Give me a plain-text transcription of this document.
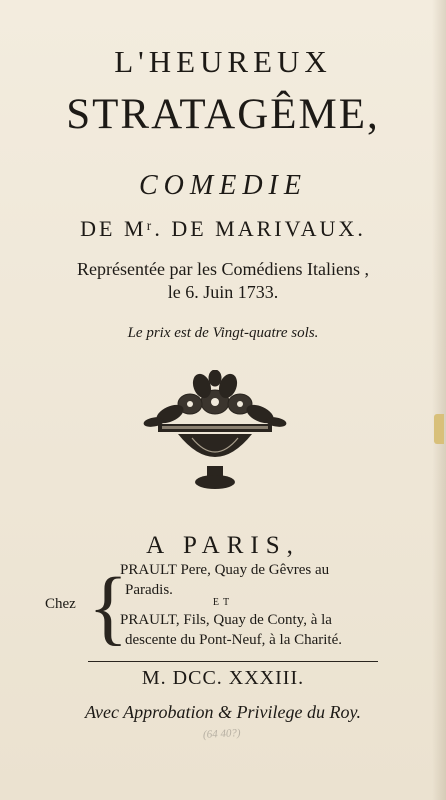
L'HEUREUX
STRATAGÊME,
COMEDIE
DE Mʳ. DE MARIVAUX.
Représentée par les Comédiens Italiens ,
le 6. Juin 1733.
Le prix est de Vingt-quatre sols.
A PARIS,
Chez {
PRAULT Pere, Quay de Gêvres au
Paradis.
ET
PRAULT, Fils, Quay de Conty, à la
descente du Pont-Neuf, à la Charité.
M. DCC. XXXIII.
Avec Approbation & Privilege du Roy.
(64 40?)
